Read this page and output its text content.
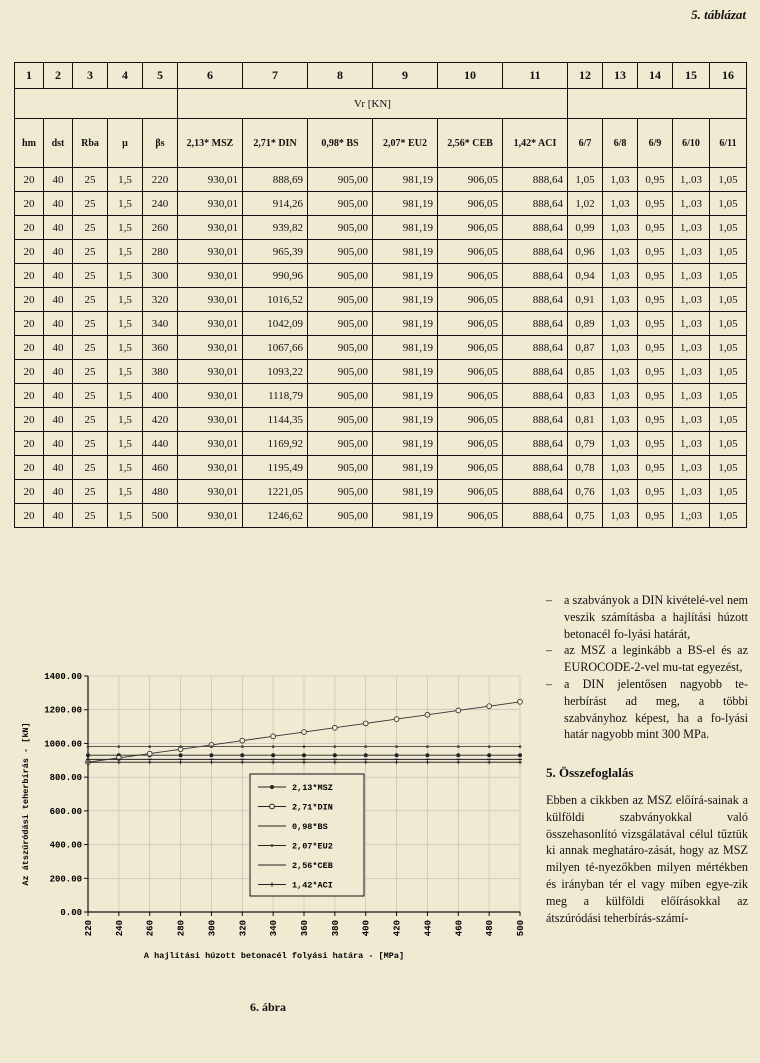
5. táblázat
1	2	3	4	5	6	7	8	9	10	11	12	13	14	15	16
					Vr [KN]										
hm	dst	Rba	μ	βs	2,13* MSZ	2,71* DIN	0,98* BS	2,07* EU2	2,56* CEB	1,42* ACI	6/7	6/8	6/9	6/10	6/11
20	40	25	1,5	220	930,01	888,69	905,00	981,19	906,05	888,64	1,05	1,03	0,95	1,.03	1,05
20	40	25	1,5	240	930,01	914,26	905,00	981,19	906,05	888,64	1,02	1,03	0,95	1,.03	1,05
20	40	25	1,5	260	930,01	939,82	905,00	981,19	906,05	888,64	0,99	1,03	0,95	1,.03	1,05
20	40	25	1,5	280	930,01	965,39	905,00	981,19	906,05	888,64	0,96	1,03	0,95	1,.03	1,05
20	40	25	1,5	300	930,01	990,96	905,00	981,19	906,05	888,64	0,94	1,03	0,95	1,.03	1,05
20	40	25	1,5	320	930,01	1016,52	905,00	981,19	906,05	888,64	0,91	1,03	0,95	1,.03	1,05
20	40	25	1,5	340	930,01	1042,09	905,00	981,19	906,05	888,64	0,89	1,03	0,95	1,.03	1,05
20	40	25	1,5	360	930,01	1067,66	905,00	981,19	906,05	888,64	0,87	1,03	0,95	1,.03	1,05
20	40	25	1,5	380	930,01	1093,22	905,00	981,19	906,05	888,64	0,85	1,03	0,95	1,.03	1,05
20	40	25	1,5	400	930,01	1118,79	905,00	981,19	906,05	888,64	0,83	1,03	0,95	1,.03	1,05
20	40	25	1,5	420	930,01	1144,35	905,00	981,19	906,05	888,64	0,81	1,03	0,95	1,.03	1,05
20	40	25	1,5	440	930,01	1169,92	905,00	981,19	906,05	888,64	0,79	1,03	0,95	1,.03	1,05
20	40	25	1,5	460	930,01	1195,49	905,00	981,19	906,05	888,64	0,78	1,03	0,95	1,.03	1,05
20	40	25	1,5	480	930,01	1221,05	905,00	981,19	906,05	888,64	0,76	1,03	0,95	1,.03	1,05
20	40	25	1,5	500	930,01	1246,62	905,00	981,19	906,05	888,64	0,75	1,03	0,95	1,;03	1,05
0.00
200.00
400.00
600.00
800.00
1000.00
1200.00
1400.00
220 240 260 280 300 320 340 360 380 400 420 440 460 480 500
A hajlítási húzott betonacél folyási határa - [MPa]
Az átszúródási teherbírás - [kN]	2,13*MSZ
2,71*DIN
0,98*BS
2,07*EU2
2,56*CEB
1,42*ACI
6. ábra
– a szabványok a DIN kivételé-vel nem veszik számításba a hajlítási húzott betonacél fo-lyási határát,
– az MSZ a leginkább a BS-el és az EUROCODE-2-vel mu-tat egyezést,
– a DIN jelentősen nagyobb te-herbírást ad meg, a többi szabványhoz képest, ha a fo-lyási határ nagyobb mint 300 MPa.
5. Összefoglalás

Ebben a cikkben az MSZ előírá-sainak a külföldi szabványokkal való összehasonlító vizsgálatával célul tűztük ki annak meghatáro-zását, hogy az MSZ milyen té-nyezőkben milyen mértékben és irányban tér el vagy miben egye-zik meg a külföldi előírásokkal az átszúródási teherbírás-számí-
